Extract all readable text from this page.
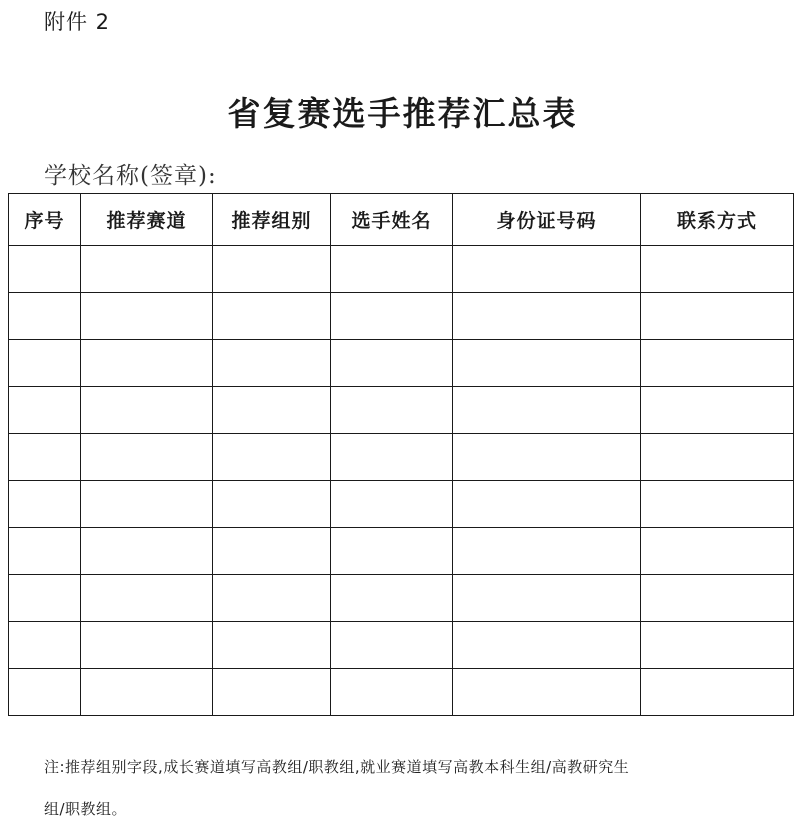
附件 2
省复赛选手推荐汇总表
学校名称(签章):
序号	推荐赛道	推荐组别	选手姓名	身份证号码	联系方式

注:推荐组别字段,成长赛道填写高教组/职教组,就业赛道填写高教本科生组/高教研究生
组/职教组。
